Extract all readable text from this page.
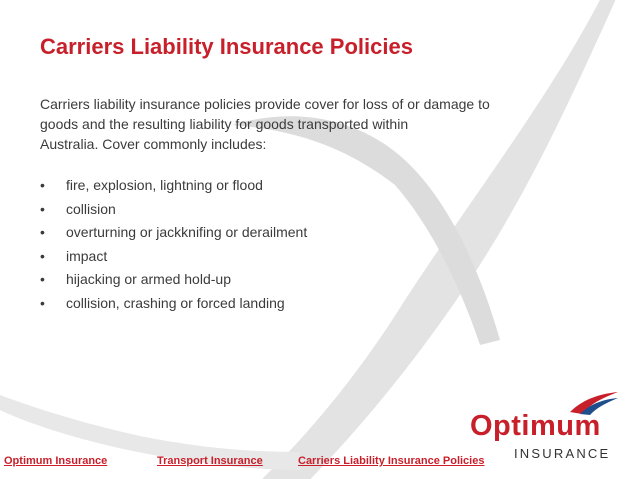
Carriers Liability Insurance Policies

Carriers liability insurance policies provide cover for loss of or damage to
goods and the resulting liability for goods transported within
Australia. Cover commonly includes:

• fire, explosion, lightning or flood
• collision
• overturning or jackknifing or derailment
• impact
• hijacking or armed hold-up
• collision, crashing or forced landing
Optimum
INSURANCE
Optimum Insurance	Transport Insurance	Carriers Liability Insurance Policies
